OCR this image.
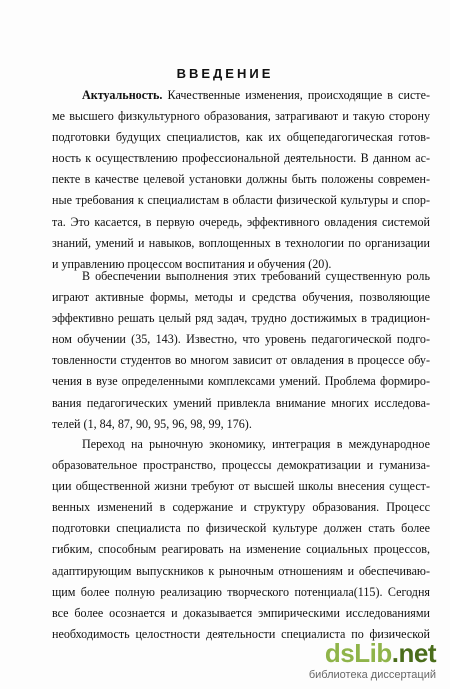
ВВЕДЕНИЕ
Актуальность. Качественные изменения, происходящие в систе-
ме высшего физкультурного образования, затрагивают и такую сторону
подготовки будущих специалистов, как их общепедагогическая готов-
ность к осуществлению профессиональной деятельности. В данном ас-
пекте в качестве целевой установки должны быть положены современ-
ные требования к специалистам в области физической культуры и спор-
та. Это касается, в первую очередь, эффективного овладения системой
знаний, умений и навыков, воплощенных в технологии по организации
и управлению процессом воспитания и обучения (20).
В обеспечении выполнения этих требований существенную роль
играют активные формы, методы и средства обучения, позволяющие
эффективно решать целый ряд задач, трудно достижимых в традицион-
ном обучении (35, 143). Известно, что уровень педагогической подго-
товленности студентов во многом зависит от овладения в процессе обу-
чения в вузе определенными комплексами умений. Проблема формиро-
вания педагогических умений привлекла внимание многих исследова-
телей (1, 84, 87, 90, 95, 96, 98, 99, 176).
Переход на рыночную экономику, интеграция в международное
образовательное пространство, процессы демократизации и гуманиза-
ции общественной жизни требуют от высшей школы внесения сущест-
венных изменений в содержание и структуру образования. Процесс
подготовки специалиста по физической культуре должен стать более
гибким, способным реагировать на изменение социальных процессов,
адаптирующим выпускников к рыночным отношениям и обеспечиваю-
щим более полную реализацию творческого потенциала(115). Сегодня
все более осознается и доказывается эмпирическими исследованиями
необходимость целостности деятельности специалиста по физической
dsLib.net
библиотека диссертаций
